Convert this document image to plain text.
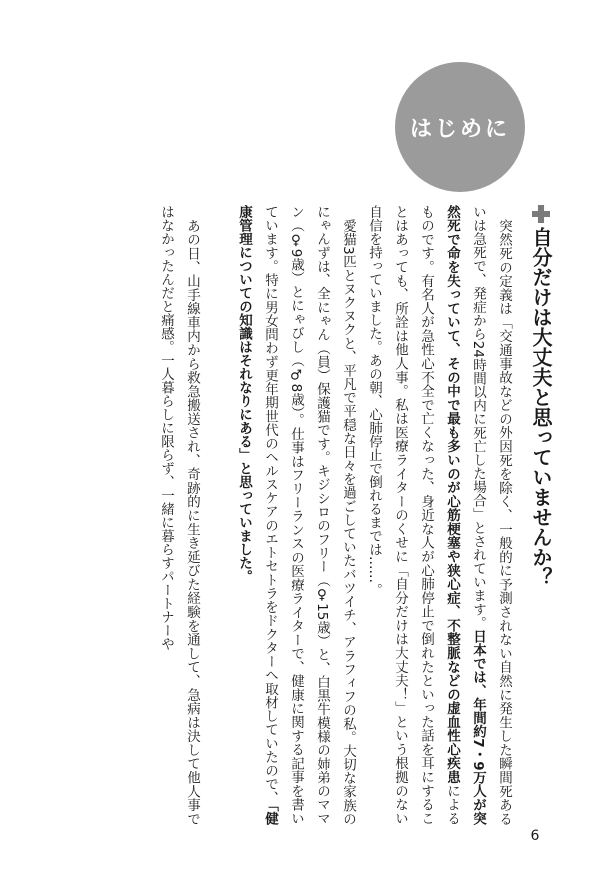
はじめに
自分だけは大丈夫と思っていませんか？

突然死の定義は「交通事故などの外因死を除く、一般的に予測されない自然に発生した瞬間死あるいは急死で、発症から24時間以内に死亡した場合」とされています。日本では、年間約7・9万人が突然死で命を失っていて、その中で最も多いのが心筋梗塞や狭心症、不整脈などの虚血性心疾患によるものです。有名人が急性心不全で亡くなった、身近な人が心肺停止で倒れたといった話を耳にすることはあっても、所詮は他人事。私は医療ライターのくせに「自分だけは大丈夫！」という根拠のない自信を持っていました。あの朝、心肺停止で倒れるまでは……。

愛猫3匹とヌクヌクと、平凡で平穏な日々を過ごしていたバツイチ、アラフィフの私。大切な家族のにゃんずは、全にゃん（員）保護猫です。キジシロのフリー（♀15歳）と、白黒牛模様の姉弟のママン（♀9歳）とにゃびし（♂8歳）。仕事はフリーランスの医療ライターで、健康に関する記事を書いています。特に男女問わず更年期世代のヘルスケアのエトセトラをドクターへ取材していたので、「健康管理についての知識はそれなりにある」と思っていました。

あの日、山手線車内から救急搬送され、奇跡的に生き延びた経験を通して、急病は決して他人事ではなかったんだと痛感。一人暮らしに限らず、一緒に暮らすパートナーや

6
